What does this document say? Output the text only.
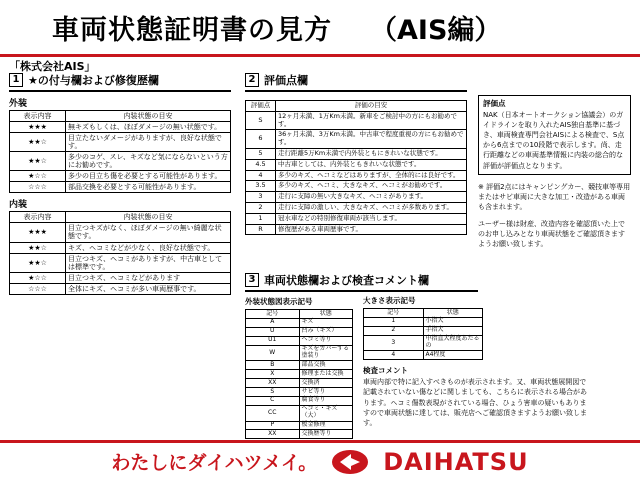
車両状態証明書の見方 （AIS編）
「株式会社AIS」
1 ★の付与欄および修復歴欄
外装
表示内容	内装状態の目安
★★★	無キズもしくは、ほぼダメージの無い状態です。
★★☆	目立たないダメージがありますが、良好な状態です。
★★☆	多少のコゲ、スレ、キズなど気にならないという方にお勧めです。
★☆☆	多少の目立ち傷を必要とする可能性があります。
☆☆☆	部品交換を必要とする可能性があります。
内装
表示内容	内装状態の目安
★★★	目立つキズがなく、ほぼダメージの無い綺麗な状態です。
★★☆	キズ、ヘコミなどが少なく、良好な状態です。
★★☆	目立つキズ、ヘコミがありますが、中古車としては標準です。
★☆☆	目立つキズ、ヘコミなどがあります
☆☆☆	全体にキズ、ヘコミが多い車両歴事です。
2 評価点欄
評価点	評価の目安
S	12ヶ月未満、1万Km未満。新車をご検討中の方にもお勧めです。
6	36ヶ月未満、3万Km未満。中古車で程度重視の方にもお勧めです。
5	走行距離5万Km未満で内外装ともにきれいな状態です。
4.5	中古車としては、内外装ともきれいな状態です。
4	多少のキズ、ヘコミなどはありますが、全体的には良好です。
3.5	多少のキズ、ヘコミ、大きなキズ、ヘコミがお勧めです。
3	走行に支障の無い大きなキズ、ヘコミがあります。
2	走行に支障の激しい、大きなキズ、ヘコミが多数あります。
1	冠水車などの特別修復車両が該当します。
R	修復歴がある車両歴事です。
評価点
NAK（日本オートオークション協議会）のガイドラインを取り入れたAIS独自基準に基づき、車両検査専門会社AISによる検査で、S点から6点までの10段階で表示します。尚、走行距離などの車両基準情報に内装の総合的な評価が評価点となります。
※ 評価2点にはキャンピングカー、競技車等専用またはサビ車両に大きな加工・改造がある車両も含まれます。
ユーザー様は財産、改造内容を確認頂いた上でのお申し込みとなり車両状態をご確認頂きますようお願い致します。
3 車両状態欄および検査コメント欄
外装状態図表示記号
記号	状態
A	キズ
U	凹み（キズ）
U1	ヘコミ等り
W	キズをカバーする塗装り
B	部品交換
X	修理または交換
XX	交換済
S	サビ等り
C	腐食等り
CC	ヘコミ・キズ（大）
P	板金修理
XX	交換歴等り
大きさ表示記号
記号	状態
1	小指大
2	手指大
3	中指直大程度あたるの
4	A4程度
検査コメント
車両内部で特に記入すべきものが表示されます。又、車両状態展開図で記載されていない傷などに関しましても、こちらに表示される場合があります。ヘコミ傷数表現がされている場合、ひょう害車の疑いもありますので車両状態に達しては、販売店へご確認頂きますようお願い致します。
わたしにダイハツメイ。	DAIHATSU
